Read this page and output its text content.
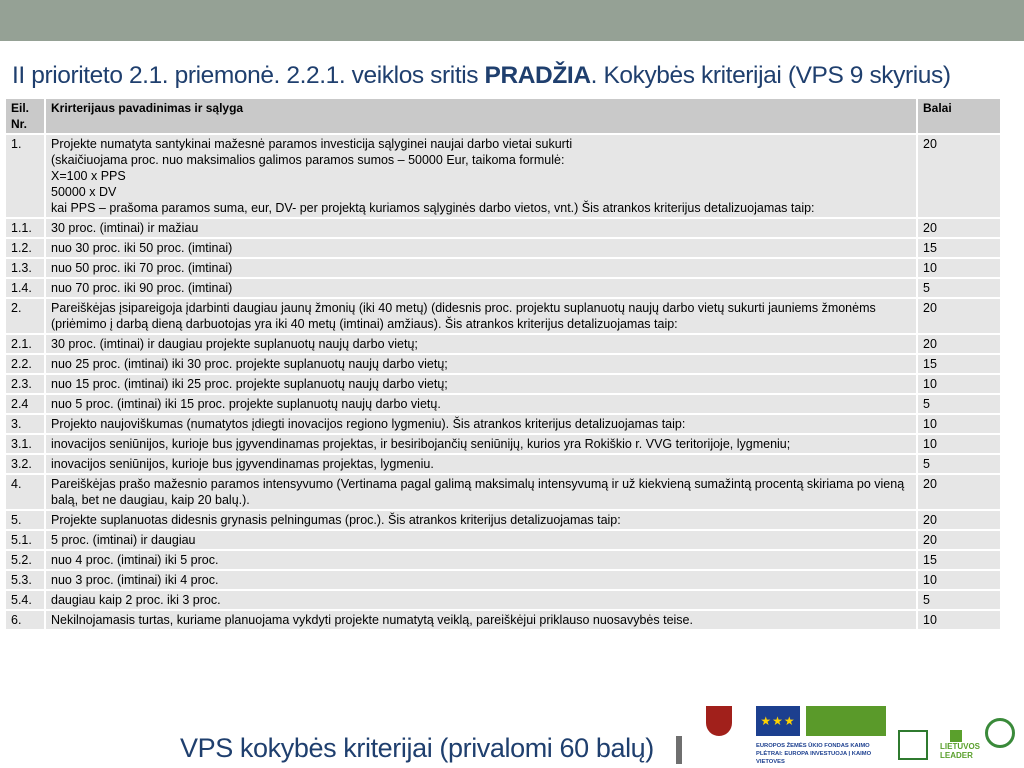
II prioriteto 2.1. priemonė. 2.2.1. veiklos sritis PRADŽIA. Kokybės kriterijai (VPS 9 skyrius)
Eil. Nr.	Krirterijaus pavadinimas ir sąlyga	Balai
1.	Projekte numatyta santykinai mažesnė paramos investicija sąlyginei naujai darbo vietai sukurti
(skaičiuojama proc. nuo maksimalios galimos paramos sumos – 50000 Eur, taikoma formulė:
X=100 x PPS
50000 x DV
kai PPS – prašoma paramos suma, eur, DV- per projektą kuriamos sąlyginės darbo vietos, vnt.) Šis atrankos kriterijus detalizuojamas taip:	20
1.1.	30 proc. (imtinai) ir mažiau	20
1.2.	nuo 30 proc. iki 50 proc. (imtinai)	15
1.3.	nuo 50 proc. iki 70 proc. (imtinai)	10
1.4.	nuo 70 proc. iki 90 proc. (imtinai)	5
2.	Pareiškėjas įsipareigoja įdarbinti daugiau jaunų žmonių (iki 40 metų) (didesnis proc. projektu suplanuotų naujų darbo vietų sukurti jauniems žmonėms (priėmimo į darbą dieną darbuotojas yra iki 40 metų (imtinai) amžiaus). Šis atrankos kriterijus detalizuojamas taip:	20
2.1.	30 proc. (imtinai) ir daugiau projekte suplanuotų naujų darbo vietų;	20
2.2.	nuo 25 proc. (imtinai) iki 30 proc. projekte suplanuotų naujų darbo vietų;	15
2.3.	nuo 15 proc. (imtinai) iki 25 proc. projekte suplanuotų naujų darbo vietų;	10
2.4	nuo 5 proc. (imtinai) iki 15 proc. projekte suplanuotų naujų darbo vietų.	5
3.	Projekto naujoviškumas (numatytos įdiegti inovacijos regiono lygmeniu). Šis atrankos kriterijus detalizuojamas taip:	10
3.1.	inovacijos seniūnijos, kurioje bus įgyvendinamas projektas, ir besiribojančių seniūnijų, kurios yra Rokiškio r. VVG teritorijoje, lygmeniu;	10
3.2.	inovacijos seniūnijos, kurioje bus įgyvendinamas projektas, lygmeniu.	5
4.	Pareiškėjas prašo mažesnio paramos intensyvumo (Vertinama pagal galimą maksimalų intensyvumą ir už kiekvieną sumažintą procentą skiriama po vieną balą, bet ne daugiau, kaip 20 balų.).	20
5.	Projekte suplanuotas didesnis grynasis pelningumas (proc.). Šis atrankos kriterijus detalizuojamas taip:	20
5.1.	5 proc. (imtinai) ir daugiau	20
5.2.	nuo 4 proc. (imtinai) iki 5 proc.	15
5.3.	nuo 3 proc. (imtinai) iki 4 proc.	10
5.4.	daugiau kaip 2 proc. iki 3 proc.	5
6.	Nekilnojamasis turtas, kuriame planuojama vykdyti projekte numatytą veiklą, pareiškėjui priklauso nuosavybės teise.	10
VPS kokybės kriterijai (privalomi 60 balų)
★★★
EUROPOS ŽEMĖS ŪKIO FONDAS KAIMO PLĖTRAI: EUROPA INVESTUOJA Į KAIMO VIETOVES
LIETUVOS LEADER
